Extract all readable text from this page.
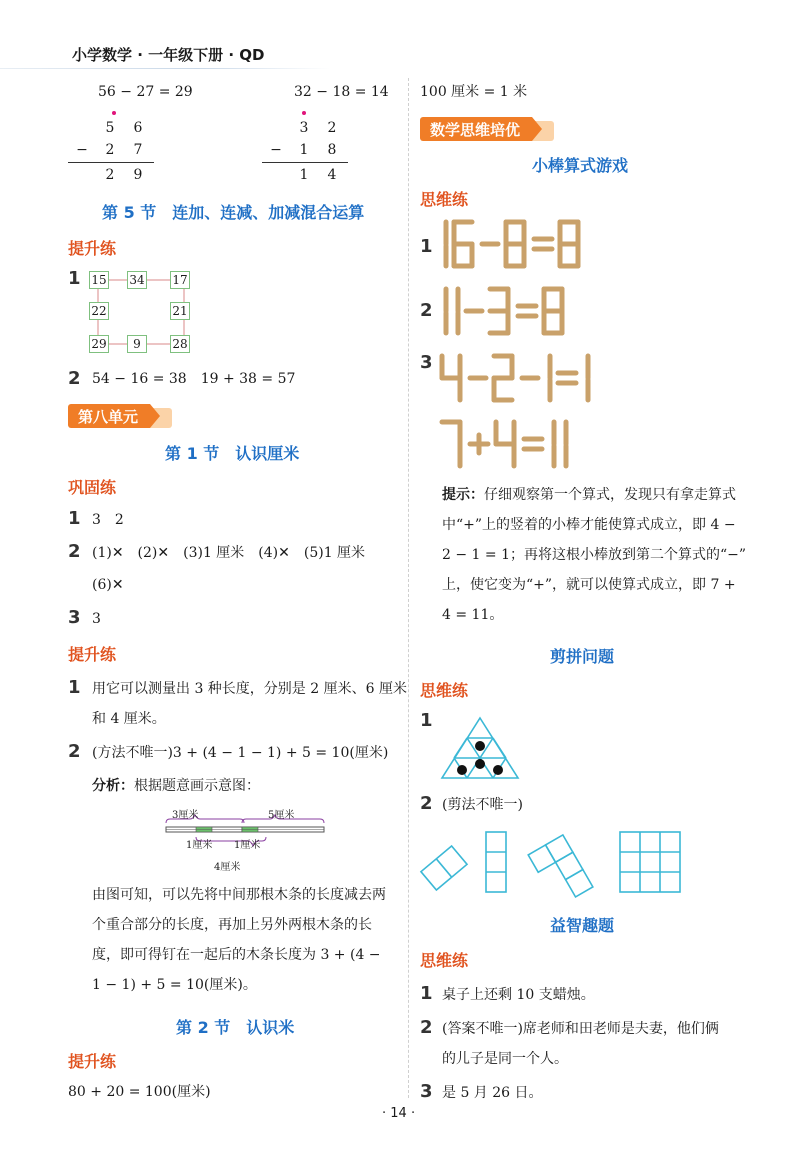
小学数学 · 一年级下册 · QD
56 − 27 = 29	32 − 18 = 14
5 6
− 2 7
2 9
3 2
− 1 8
1 4
第 5 节　连加、连减、加减混合运算
提升练
1 15 34 17
22	21
29	9	28
2 54 − 16 = 38　19 + 38 = 57
第八单元
第 1 节　认识厘米
巩固练
1 3　2
2 (1)✕　(2)✕　(3)1 厘米　(4)✕　(5)1 厘米
(6)✕
3 3
提升练
1 用它可以测量出 3 种长度，分别是 2 厘米、6 厘米
和 4 厘米。
2 (方法不唯一)3 + (4 − 1 − 1) + 5 = 10(厘米)
分析：根据题意画示意图：
3厘米	5厘米
1厘米 1厘米
4厘米
由图可知，可以先将中间那根木条的长度减去两
个重合部分的长度，再加上另外两根木条的长
度，即可得钉在一起后的木条长度为 3 + (4 −
1 − 1) + 5 = 10(厘米)。
第 2 节　认识米
提升练
80 + 20 = 100(厘米)
100 厘米 = 1 米
数学思维培优
小棒算式游戏
思维练
1
2
3
提示：仔细观察第一个算式，发现只有拿走算式
中“+”上的竖着的小棒才能使算式成立，即 4 −
2 − 1 = 1；再将这根小棒放到第二个算式的“−”
上，使它变为“+”，就可以使算式成立，即 7 +
4 = 11。
剪拼问题
思维练
1
2 (剪法不唯一)
益智趣题
思维练
1 桌子上还剩 10 支蜡烛。
2 (答案不唯一)席老师和田老师是夫妻，他们俩
的儿子是同一个人。
3 是 5 月 26 日。
· 14 ·
